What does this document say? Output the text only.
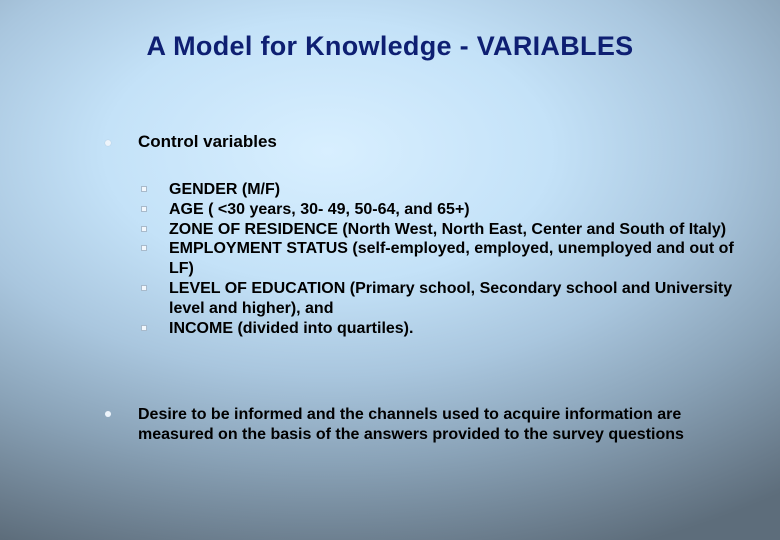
A Model for Knowledge - VARIABLES
Control variables
GENDER (M/F)
AGE ( <30 years, 30- 49, 50-64, and 65+)
ZONE OF RESIDENCE (North West, North East, Center and South of Italy)
EMPLOYMENT STATUS (self-employed, employed, unemployed and out of LF)
LEVEL OF EDUCATION (Primary school, Secondary school and University level and higher), and
INCOME (divided into quartiles).
Desire to be informed and the channels used to acquire information are measured on the basis of the answers provided to the survey questions
